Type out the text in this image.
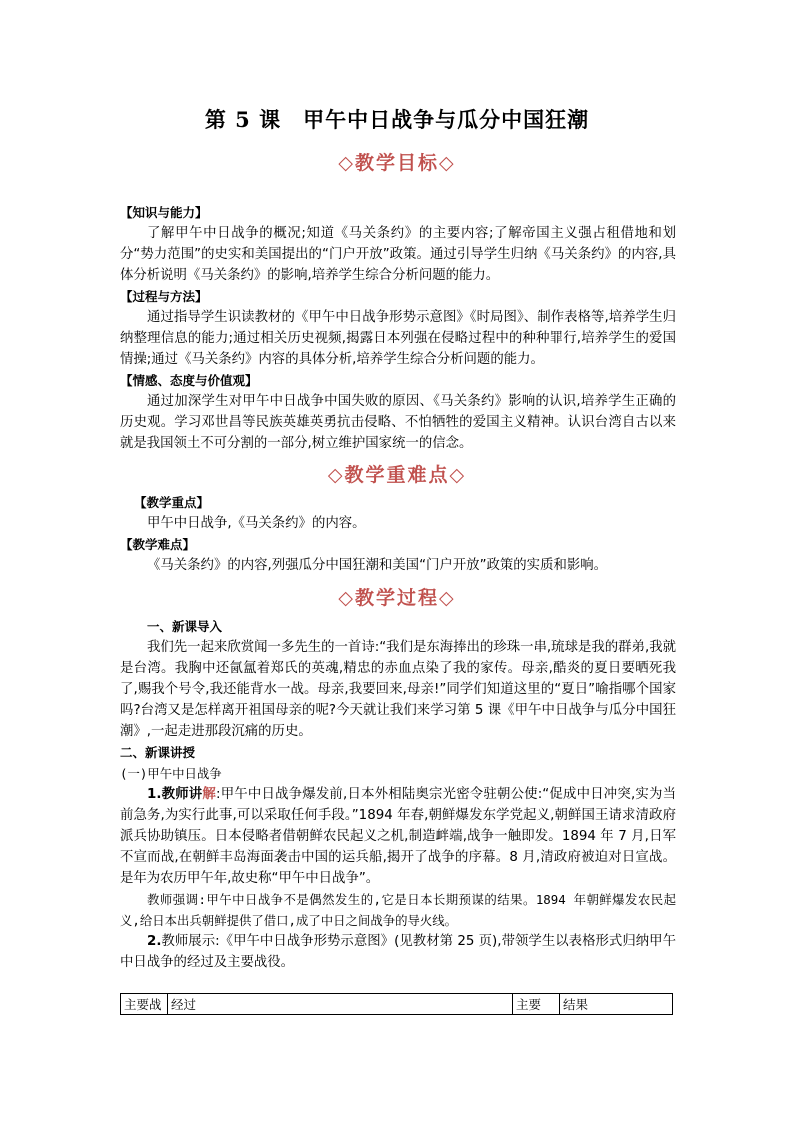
第 5 课　甲午中日战争与瓜分中国狂潮
◇教学目标◇
【知识与能力】

了解甲午中日战争的概况;知道《马关条约》的主要内容;了解帝国主义强占租借地和划分“势力范围”的史实和美国提出的“门户开放”政策。通过引导学生归纳《马关条约》的内容,具体分析说明《马关条约》的影响,培养学生综合分析问题的能力。

【过程与方法】

通过指导学生识读教材的《甲午中日战争形势示意图》《时局图》、制作表格等,培养学生归纳整理信息的能力;通过相关历史视频,揭露日本列强在侵略过程中的种种罪行,培养学生的爱国情操;通过《马关条约》内容的具体分析,培养学生综合分析问题的能力。

【情感、态度与价值观】

通过加深学生对甲午中日战争中国失败的原因、《马关条约》影响的认识,培养学生正确的历史观。学习邓世昌等民族英雄英勇抗击侵略、不怕牺牲的爱国主义精神。认识台湾自古以来就是我国领土不可分割的一部分,树立维护国家统一的信念。

◇教学重难点◇
【教学重点】

甲午中日战争,《马关条约》的内容。

【教学难点】

《马关条约》的内容,列强瓜分中国狂潮和美国“门户开放”政策的实质和影响。

◇教学过程◇
一、新课导入

我们先一起来欣赏闻一多先生的一首诗:“我们是东海捧出的珍珠一串,琉球是我的群弟,我就是台湾。我胸中还氤氲着郑氏的英魂,精忠的赤血点染了我的家传。母亲,酷炎的夏日要晒死我了,赐我个号令,我还能背水一战。母亲,我要回来,母亲!”同学们知道这里的“夏日”喻指哪个国家吗?台湾又是怎样离开祖国母亲的呢?今天就让我们来学习第 5 课《甲午中日战争与瓜分中国狂潮》,一起走进那段沉痛的历史。

二、新课讲授
(一)甲午中日战争

1.教师讲解:甲午中日战争爆发前,日本外相陆奥宗光密令驻朝公使:“促成中日冲突,实为当前急务,为实行此事,可以采取任何手段。”1894 年春,朝鲜爆发东学党起义,朝鲜国王请求清政府派兵协助镇压。日本侵略者借朝鲜农民起义之机,制造衅端,战争一触即发。1894 年 7 月,日军不宣而战,在朝鲜丰岛海面袭击中国的运兵船,揭开了战争的序幕。8 月,清政府被迫对日宣战。是年为农历甲午年,故史称“甲午中日战争”。

教师强调:甲午中日战争不是偶然发生的,它是日本长期预谋的结果。1894 年朝鲜爆发农民起义,给日本出兵朝鲜提供了借口,成了中日之间战争的导火线。

2.教师展示:《甲午中日战争形势示意图》(见教材第 25 页),带领学生以表格形式归纳甲午中日战争的经过及主要战役。

主要战	经过	主要	结果
